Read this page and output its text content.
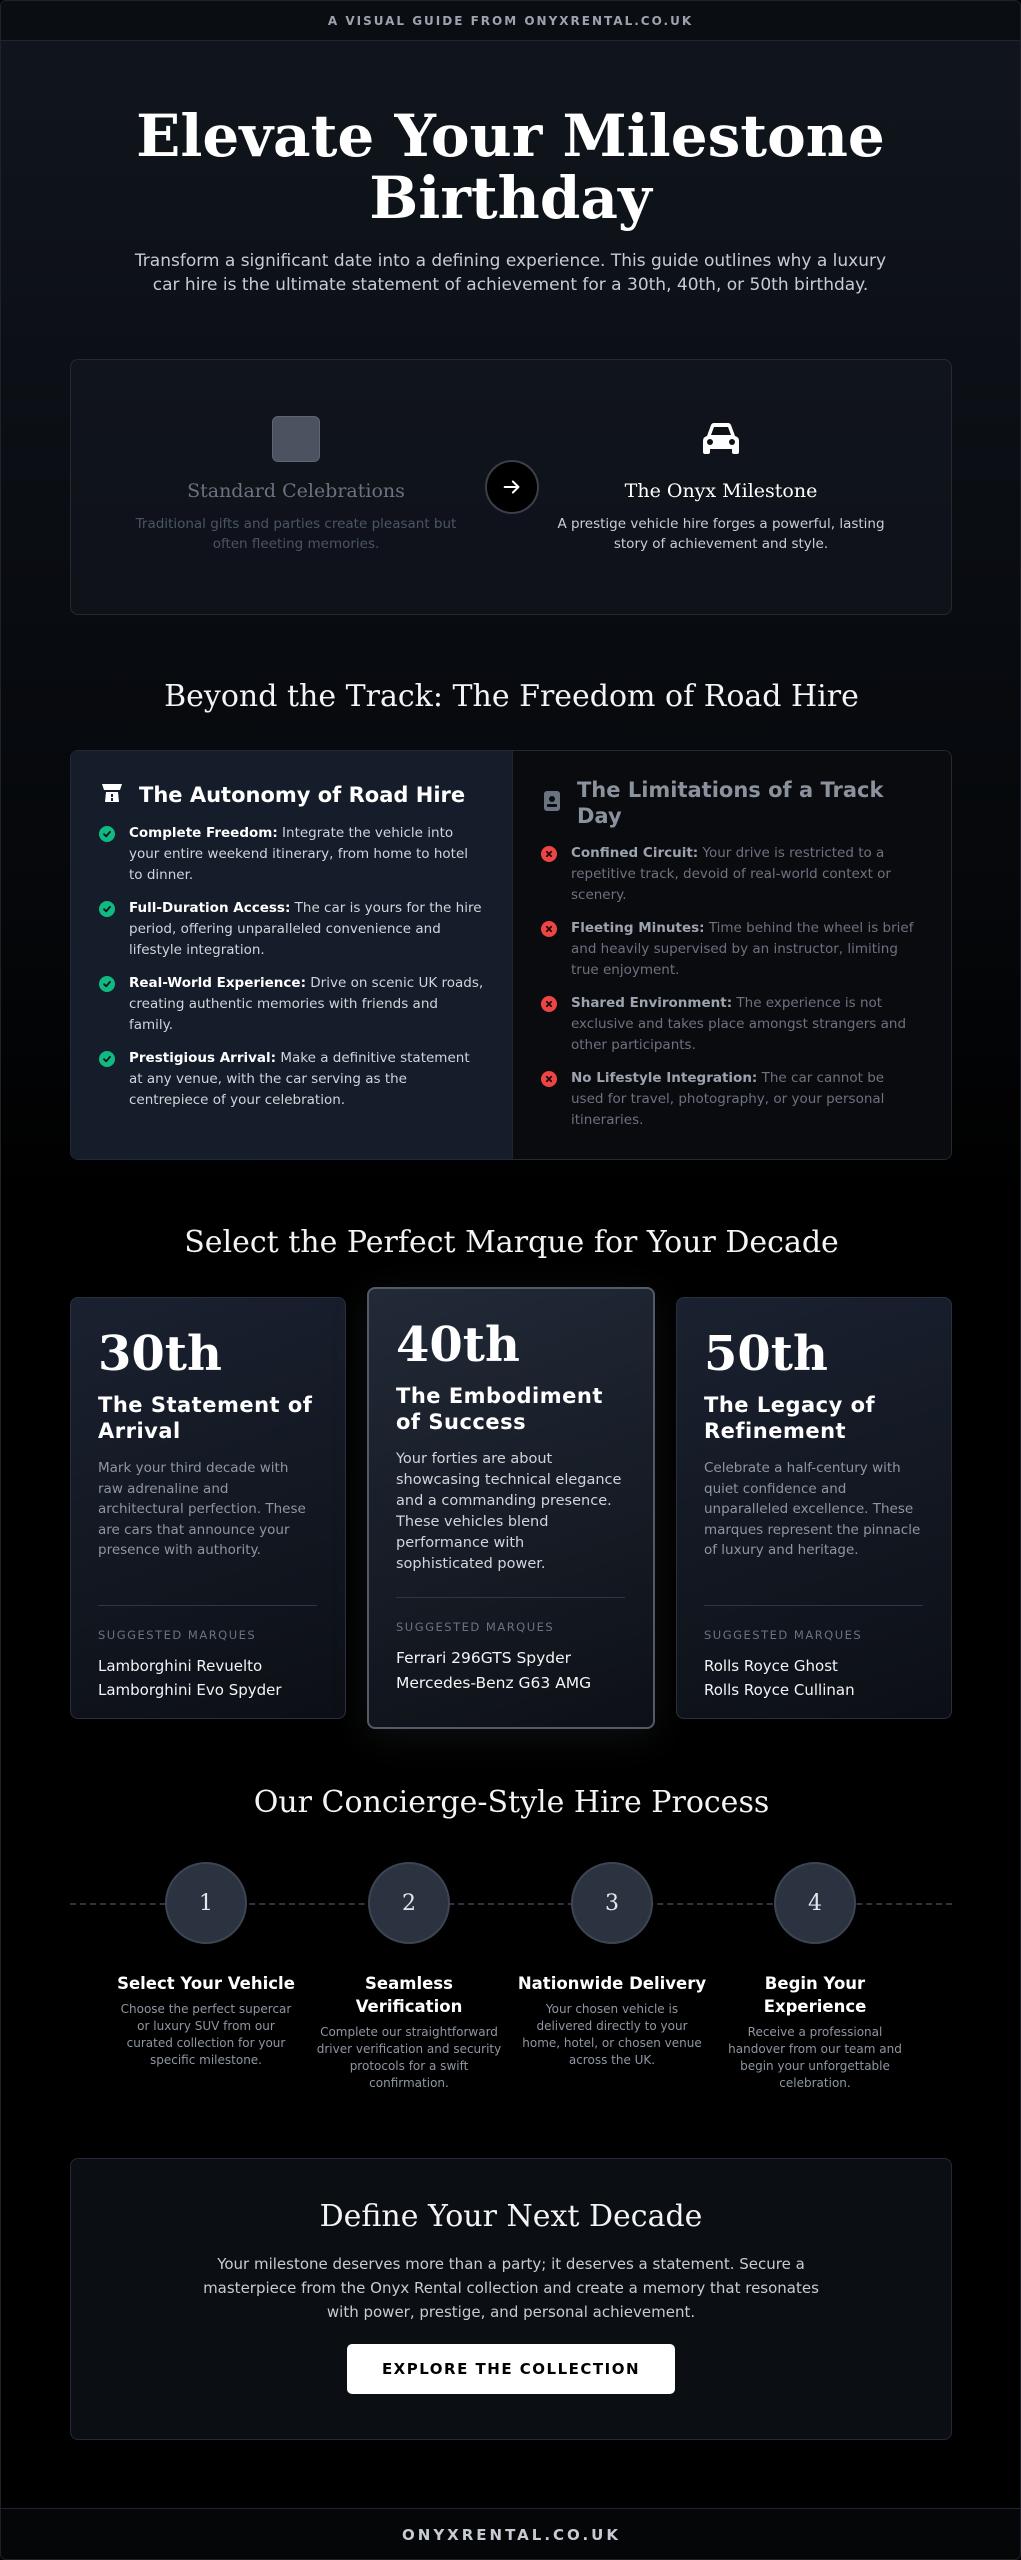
A VISUAL GUIDE FROM ONYXRENTAL.CO.UK
Elevate Your Milestone Birthday

Transform a significant date into a defining experience. This guide outlines why a luxury car hire is the ultimate statement of achievement for a 30th, 40th, or 50th birthday.

Standard Celebrations

Traditional gifts and parties create pleasant but often fleeting memories.

The Onyx Milestone

A prestige vehicle hire forges a powerful, lasting story of achievement and style.

Beyond the Track: The Freedom of Road Hire
The Autonomy of Road Hire
Complete Freedom: Integrate the vehicle into your entire weekend itinerary, from home to hotel to dinner.
Full-Duration Access: The car is yours for the hire period, offering unparalleled convenience and lifestyle integration.
Real-World Experience: Drive on scenic UK roads, creating authentic memories with friends and family.
Prestigious Arrival: Make a definitive statement at any venue, with the car serving as the centrepiece of your celebration.
The Limitations of a Track Day
Confined Circuit: Your drive is restricted to a repetitive track, devoid of real-world context or scenery.
Fleeting Minutes: Time behind the wheel is brief and heavily supervised by an instructor, limiting true enjoyment.
Shared Environment: The experience is not exclusive and takes place amongst strangers and other participants.
No Lifestyle Integration: The car cannot be used for travel, photography, or your personal itineraries.
Select the Perfect Marque for Your Decade
30th
The Statement of Arrival
Mark your third decade with raw adrenaline and architectural perfection. These are cars that announce your presence with authority.
SUGGESTED MARQUES
Lamborghini Revuelto
Lamborghini Evo Spyder
40th
The Embodiment of Success
Your forties are about showcasing technical elegance and a commanding presence. These vehicles blend performance with sophisticated power.
SUGGESTED MARQUES
Ferrari 296GTS Spyder
Mercedes-Benz G63 AMG
50th
The Legacy of Refinement
Celebrate a half-century with quiet confidence and unparalleled excellence. These marques represent the pinnacle of luxury and heritage.
SUGGESTED MARQUES
Rolls Royce Ghost
Rolls Royce Cullinan
Our Concierge-Style Hire Process
1
Select Your Vehicle

Choose the perfect supercar or luxury SUV from our curated collection for your specific milestone.

2
Seamless Verification

Complete our straightforward driver verification and security protocols for a swift confirmation.

3
Nationwide Delivery

Your chosen vehicle is delivered directly to your home, hotel, or chosen venue across the UK.

4
Begin Your Experience

Receive a professional handover from our team and begin your unforgettable celebration.

Define Your Next Decade

Your milestone deserves more than a party; it deserves a statement. Secure a masterpiece from the Onyx Rental collection and create a memory that resonates with power, prestige, and personal achievement.

EXPLORE THE COLLECTION
ONYXRENTAL.CO.UK
